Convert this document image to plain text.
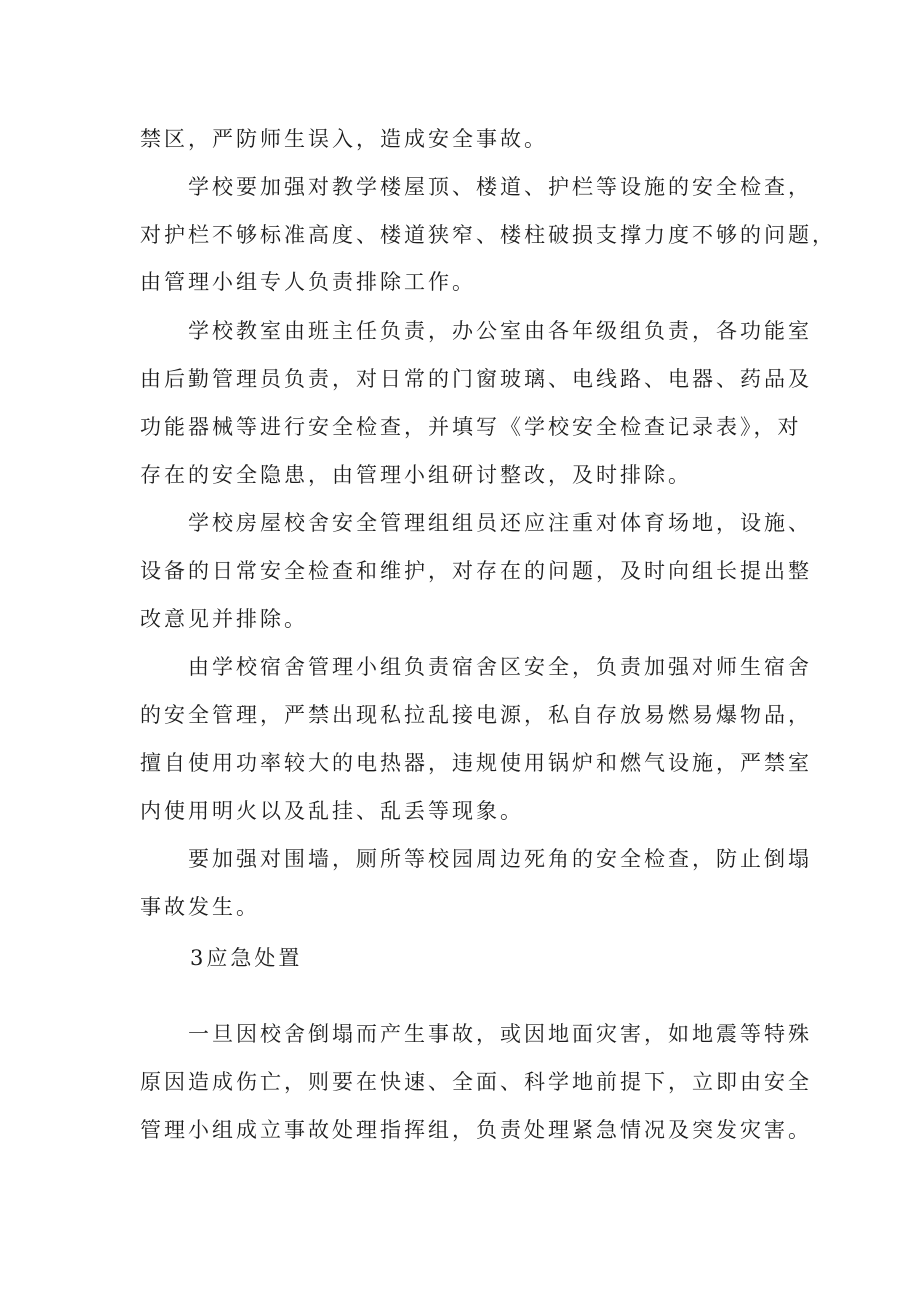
禁区，严防师生误入，造成安全事故。
学校要加强对教学楼屋顶、楼道、护栏等设施的安全检查，
对护栏不够标准高度、楼道狭窄、楼柱破损支撑力度不够的问题，
由管理小组专人负责排除工作。
学校教室由班主任负责，办公室由各年级组负责，各功能室
由后勤管理员负责，对日常的门窗玻璃、电线路、电器、药品及
功能器械等进行安全检查，并填写《学校安全检查记录表》，对
存在的安全隐患，由管理小组研讨整改，及时排除。
学校房屋校舍安全管理组组员还应注重对体育场地，设施、
设备的日常安全检查和维护，对存在的问题，及时向组长提出整
改意见并排除。
由学校宿舍管理小组负责宿舍区安全，负责加强对师生宿舍
的安全管理，严禁出现私拉乱接电源，私自存放易燃易爆物品，
擅自使用功率较大的电热器，违规使用锅炉和燃气设施，严禁室
内使用明火以及乱挂、乱丢等现象。
要加强对围墙，厕所等校园周边死角的安全检查，防止倒塌
事故发生。
3应急处置
一旦因校舍倒塌而产生事故，或因地面灾害，如地震等特殊
原因造成伤亡，则要在快速、全面、科学地前提下，立即由安全
管理小组成立事故处理指挥组，负责处理紧急情况及突发灾害。
